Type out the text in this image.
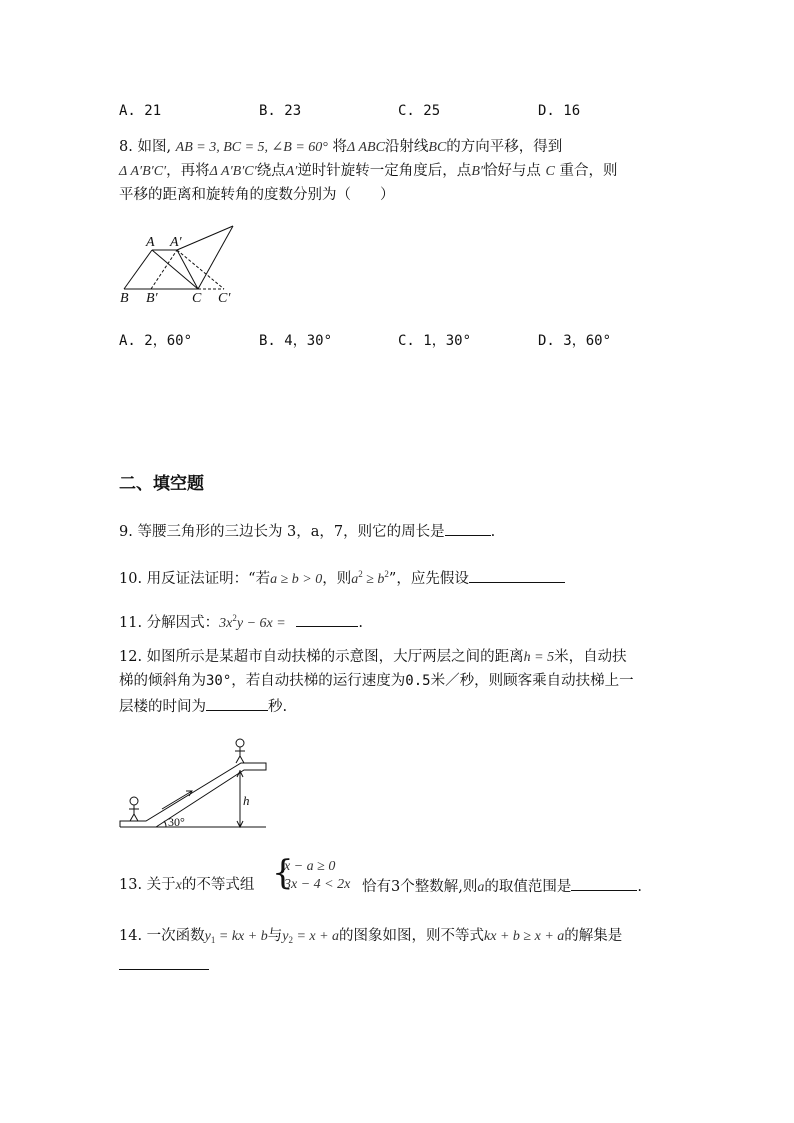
A. 21	B. 23	C. 25	D. 16
8. 如图, AB = 3, BC = 5, ∠B = 60° 将Δ ABC沿射线BC的方向平移，得到
Δ A′B′C′，再将Δ A′B′C′绕点A′逆时针旋转一定角度后，点B′恰好与点 C 重合，则
平移的距离和旋转角的度数分别为（　　）
A A′
B B′ C C′
A. 2，60°	B. 4，30°	C. 1，30°	D. 3，60°
二、填空题
9. 等腰三角形的三边长为 3，a，7，则它的周长是	.
10. 用反证法证明：“若a ≥ b > 0，则$a^2 \ge b^2$”，应先假设
11. 分解因式：$3x^2y - 6x$ =	.
12. 如图所示是某超市自动扶梯的示意图，大厅两层之间的距离h = 5米，自动扶
梯的倾斜角为30°，若自动扶梯的运行速度为0.5米／秒，则顾客乘自动扶梯上一
层楼的时间为	秒.
h
30°
{
x − a ≥ 0
3x − 4 < 2x
13. 关于x的不等式组	恰有3个整数解,则a的取值范围是	.
14. 一次函数$y_1$ = kx + b与$y_2 = x + a$的图象如图，则不等式kx + b ≥ x + a的解集是
